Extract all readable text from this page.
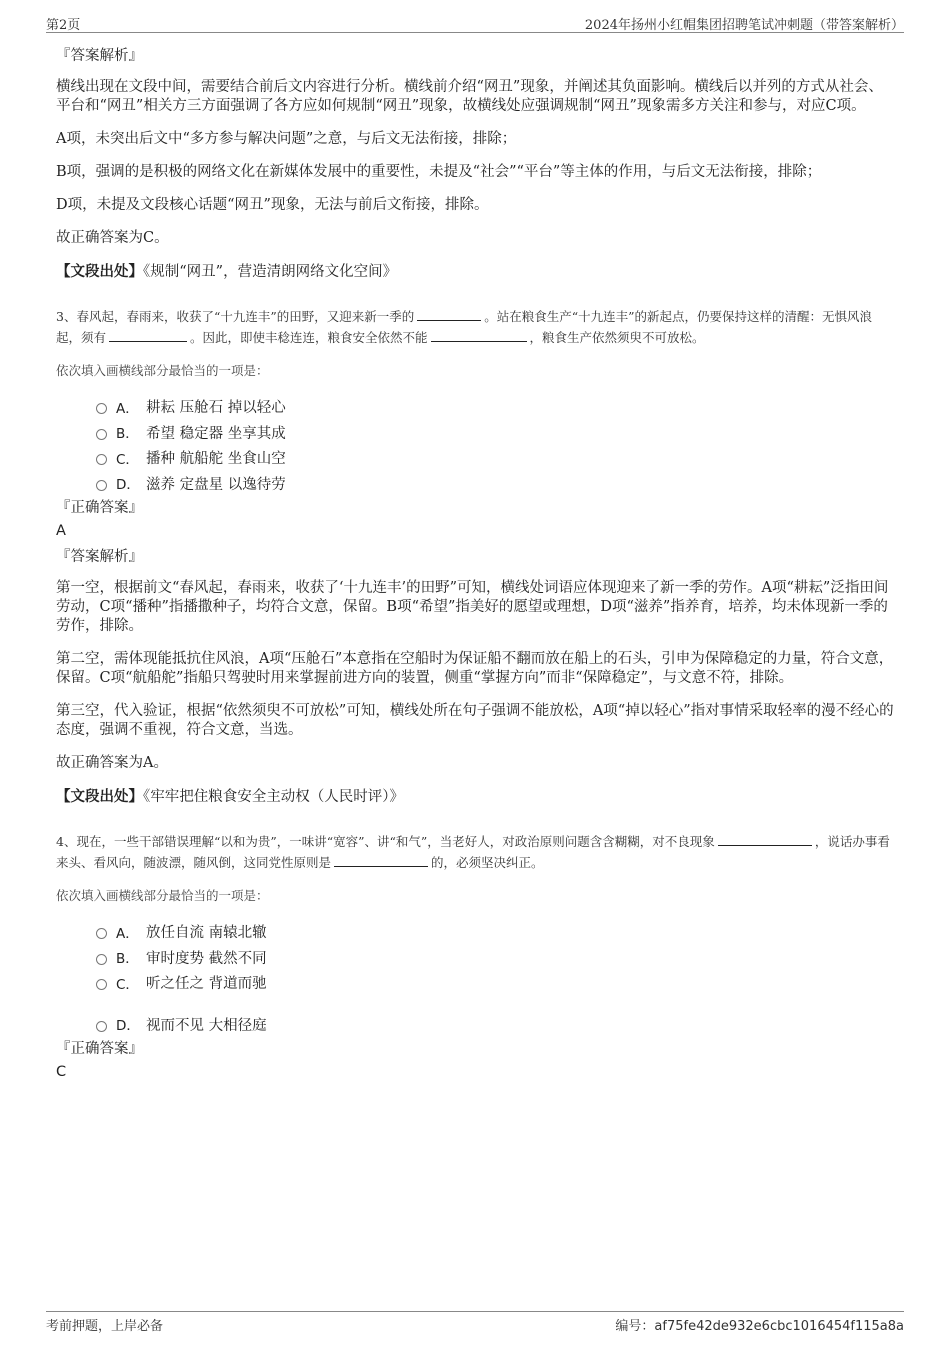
第2页	2024年扬州小红帽集团招聘笔试冲刺题（带答案解析）
『答案解析』

横线出现在文段中间，需要结合前后文内容进行分析。横线前介绍“网丑”现象，并阐述其负面影响。横线后以并列的方式从社会、平台和“网丑”相关方三方面强调了各方应如何规制“网丑”现象，故横线处应强调规制“网丑”现象需多方关注和参与，对应C项。

A项，未突出后文中“多方参与解决问题”之意，与后文无法衔接，排除；

B项，强调的是积极的网络文化在新媒体发展中的重要性，未提及“社会”“平台”等主体的作用，与后文无法衔接，排除；

D项，未提及文段核心话题“网丑”现象，无法与前后文衔接，排除。

故正确答案为C。

【文段出处】《规制“网丑”，营造清朗网络文化空间》
3、春风起，春雨来，收获了“十九连丰”的田野，又迎来新一季的	。站在粮食生产“十九连丰”的新起点，仍要保持这样的清醒：无惧风浪起，须有	。因此，即使丰稔连连，粮食安全依然不能	，粮食生产依然须臾不可放松。
依次填入画横线部分最恰当的一项是：
A． 耕耘 压舱石 掉以轻心
B． 希望 稳定器 坐享其成
C． 播种 航船舵 坐食山空
D． 滋养 定盘星 以逸待劳
『正确答案』
A
『答案解析』

第一空，根据前文“春风起，春雨来，收获了‘十九连丰’的田野”可知，横线处词语应体现迎来了新一季的劳作。A项“耕耘”泛指田间劳动，C项“播种”指播撒种子，均符合文意，保留。B项“希望”指美好的愿望或理想，D项“滋养”指养育，培养，均未体现新一季的劳作，排除。

第二空，需体现能抵抗住风浪，A项“压舱石”本意指在空船时为保证船不翻而放在船上的石头，引申为保障稳定的力量，符合文意，保留。C项“航船舵”指船只驾驶时用来掌握前进方向的装置，侧重“掌握方向”而非“保障稳定”，与文意不符，排除。

第三空，代入验证，根据“依然须臾不可放松”可知，横线处所在句子强调不能放松，A项“掉以轻心”指对事情采取轻率的漫不经心的态度，强调不重视，符合文意，当选。

故正确答案为A。

【文段出处】《牢牢把住粮食安全主动权（人民时评）》
4、现在，一些干部错误理解“以和为贵”，一味讲“宽容”、讲“和气”，当老好人，对政治原则问题含含糊糊，对不良现象	，说话办事看来头、看风向，随波漂，随风倒，这同党性原则是	的，必须坚决纠正。
依次填入画横线部分最恰当的一项是：
A． 放任自流 南辕北辙
B． 审时度势 截然不同
C． 听之任之 背道而驰
D． 视而不见 大相径庭
『正确答案』
C
考前押题，上岸必备	编号：af75fe42de932e6cbc1016454f115a8a
